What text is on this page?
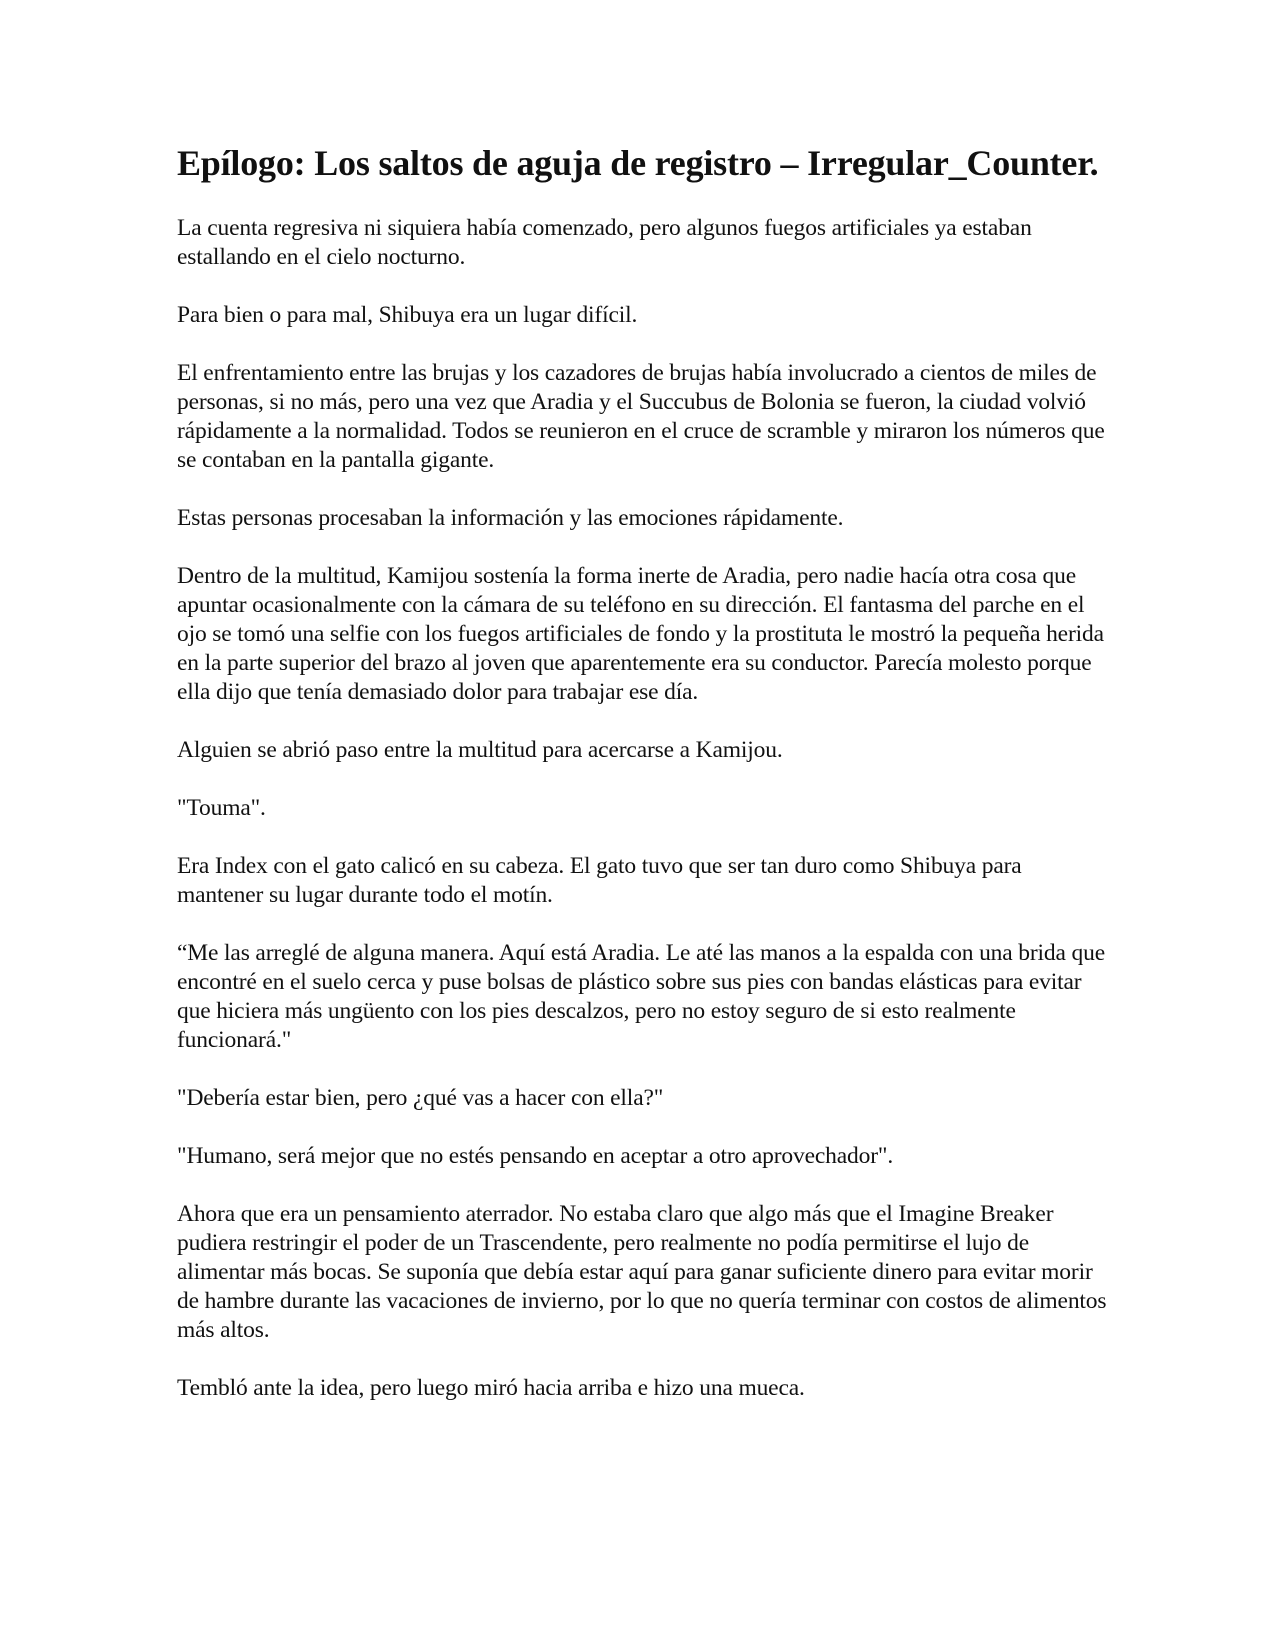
Epílogo: Los saltos de aguja de registro – Irregular_Counter.

La cuenta regresiva ni siquiera había comenzado, pero algunos fuegos artificiales ya estaban estallando en el cielo nocturno.

Para bien o para mal, Shibuya era un lugar difícil.

El enfrentamiento entre las brujas y los cazadores de brujas había involucrado a cientos de miles de personas, si no más, pero una vez que Aradia y el Succubus de Bolonia se fueron, la ciudad volvió rápidamente a la normalidad. Todos se reunieron en el cruce de scramble y miraron los números que se contaban en la pantalla gigante.

Estas personas procesaban la información y las emociones rápidamente.

Dentro de la multitud, Kamijou sostenía la forma inerte de Aradia, pero nadie hacía otra cosa que apuntar ocasionalmente con la cámara de su teléfono en su dirección. El fantasma del parche en el ojo se tomó una selfie con los fuegos artificiales de fondo y la prostituta le mostró la pequeña herida en la parte superior del brazo al joven que aparentemente era su conductor. Parecía molesto porque ella dijo que tenía demasiado dolor para trabajar ese día.

Alguien se abrió paso entre la multitud para acercarse a Kamijou.

"Touma".

Era Index con el gato calicó en su cabeza. El gato tuvo que ser tan duro como Shibuya para mantener su lugar durante todo el motín.

“Me las arreglé de alguna manera. Aquí está Aradia. Le até las manos a la espalda con una brida que encontré en el suelo cerca y puse bolsas de plástico sobre sus pies con bandas elásticas para evitar que hiciera más ungüento con los pies descalzos, pero no estoy seguro de si esto realmente funcionará."

"Debería estar bien, pero ¿qué vas a hacer con ella?"

"Humano, será mejor que no estés pensando en aceptar a otro aprovechador".

Ahora que era un pensamiento aterrador. No estaba claro que algo más que el Imagine Breaker pudiera restringir el poder de un Trascendente, pero realmente no podía permitirse el lujo de alimentar más bocas. Se suponía que debía estar aquí para ganar suficiente dinero para evitar morir de hambre durante las vacaciones de invierno, por lo que no quería terminar con costos de alimentos más altos.

Tembló ante la idea, pero luego miró hacia arriba e hizo una mueca.
